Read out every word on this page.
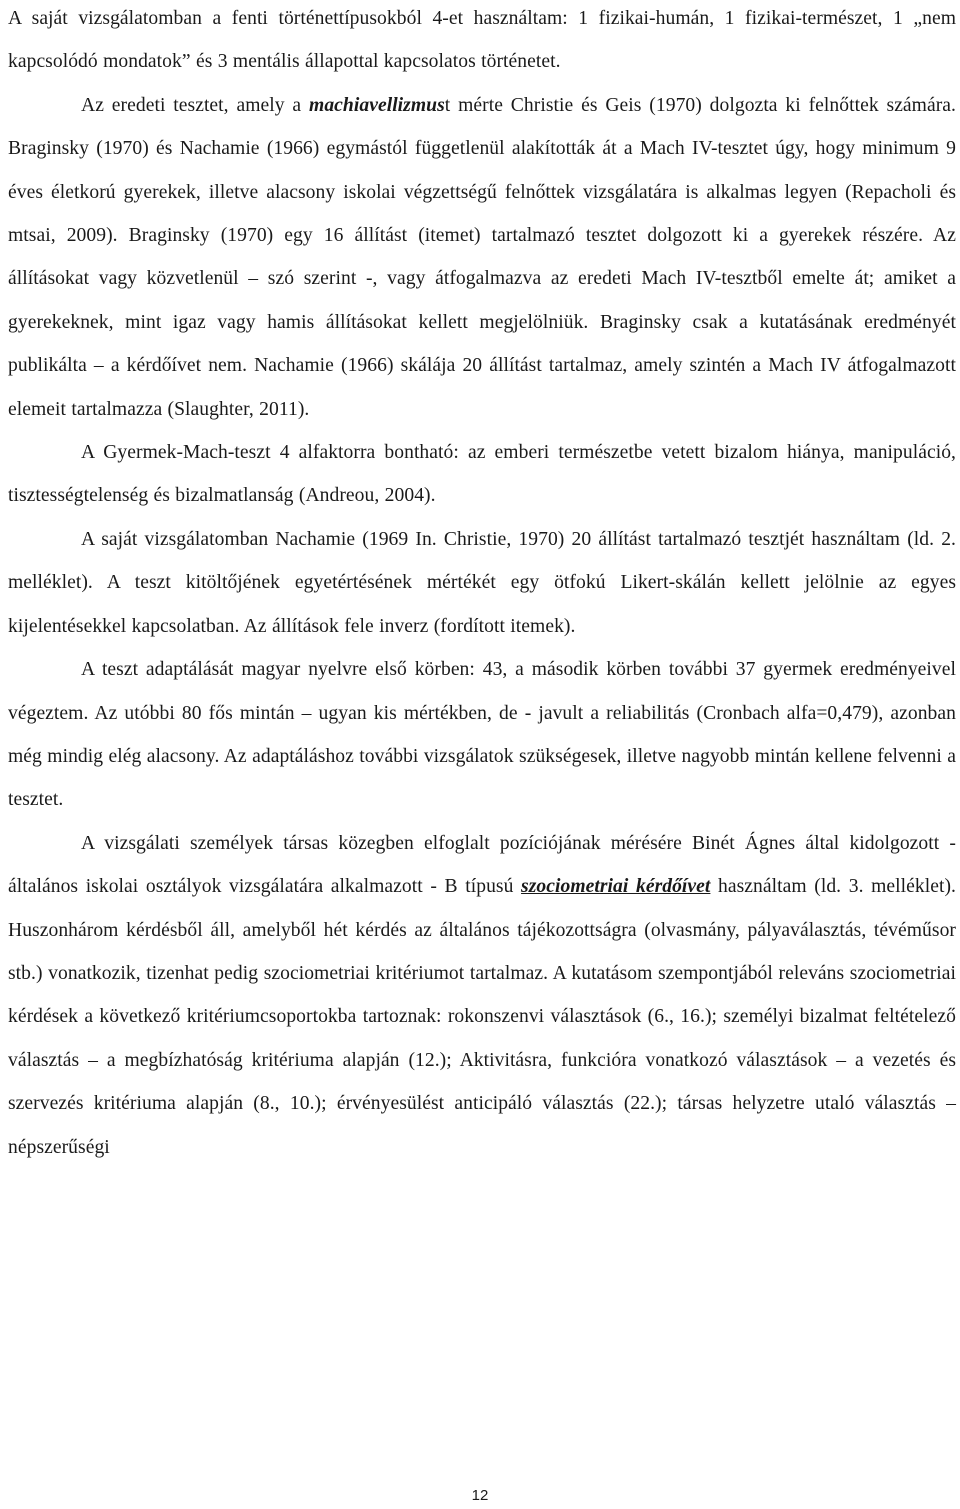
A saját vizsgálatomban a fenti történettípusokból 4-et használtam: 1 fizikai-humán, 1 fizikai-természet, 1 „nem kapcsolódó mondatok” és 3 mentális állapottal kapcsolatos történetet.

Az eredeti tesztet, amely a machiavellizmust mérte Christie és Geis (1970) dolgozta ki felnőttek számára. Braginsky (1970) és Nachamie (1966) egymástól függetlenül alakították át a Mach IV-tesztet úgy, hogy minimum 9 éves életkorú gyerekek, illetve alacsony iskolai végzettségű felnőttek vizsgálatára is alkalmas legyen (Repacholi és mtsai, 2009). Braginsky (1970) egy 16 állítást (itemet) tartalmazó tesztet dolgozott ki a gyerekek részére. Az állításokat vagy közvetlenül – szó szerint -, vagy átfogalmazva az eredeti Mach IV-tesztből emelte át; amiket a gyerekeknek, mint igaz vagy hamis állításokat kellett megjelölniük. Braginsky csak a kutatásának eredményét publikálta – a kérdőívet nem. Nachamie (1966) skálája 20 állítást tartalmaz, amely szintén a Mach IV átfogalmazott elemeit tartalmazza (Slaughter, 2011).

A Gyermek-Mach-teszt 4 alfaktorra bontható: az emberi természetbe vetett bizalom hiánya, manipuláció, tisztességtelenség és bizalmatlanság (Andreou, 2004).

A saját vizsgálatomban Nachamie (1969 In. Christie, 1970) 20 állítást tartalmazó tesztjét használtam (ld. 2. melléklet). A teszt kitöltőjének egyetértésének mértékét egy ötfokú Likert-skálán kellett jelölnie az egyes kijelentésekkel kapcsolatban. Az állítások fele inverz (fordított itemek).

A teszt adaptálását magyar nyelvre első körben: 43, a második körben további 37 gyermek eredményeivel végeztem. Az utóbbi 80 fős mintán – ugyan kis mértékben, de - javult a reliabilitás (Cronbach alfa=0,479), azonban még mindig elég alacsony. Az adaptáláshoz további vizsgálatok szükségesek, illetve nagyobb mintán kellene felvenni a tesztet.

A vizsgálati személyek társas közegben elfoglalt pozíciójának mérésére Binét Ágnes által kidolgozott - általános iskolai osztályok vizsgálatára alkalmazott - B típusú szociometriai kérdőívet használtam (ld. 3. melléklet). Huszonhárom kérdésből áll, amelyből hét kérdés az általános tájékozottságra (olvasmány, pályaválasztás, tévéműsor stb.) vonatkozik, tizenhat pedig szociometriai kritériumot tartalmaz. A kutatásom szempontjából releváns szociometriai kérdések a következő kritériumcsoportokba tartoznak: rokonszenvi választások (6., 16.); személyi bizalmat feltételező választás – a megbízhatóság kritériuma alapján (12.); Aktivitásra, funkcióra vonatkozó választások – a vezetés és szervezés kritériuma alapján (8., 10.); érvényesülést anticipáló választás (22.); társas helyzetre utaló választás – népszerűségi

12
